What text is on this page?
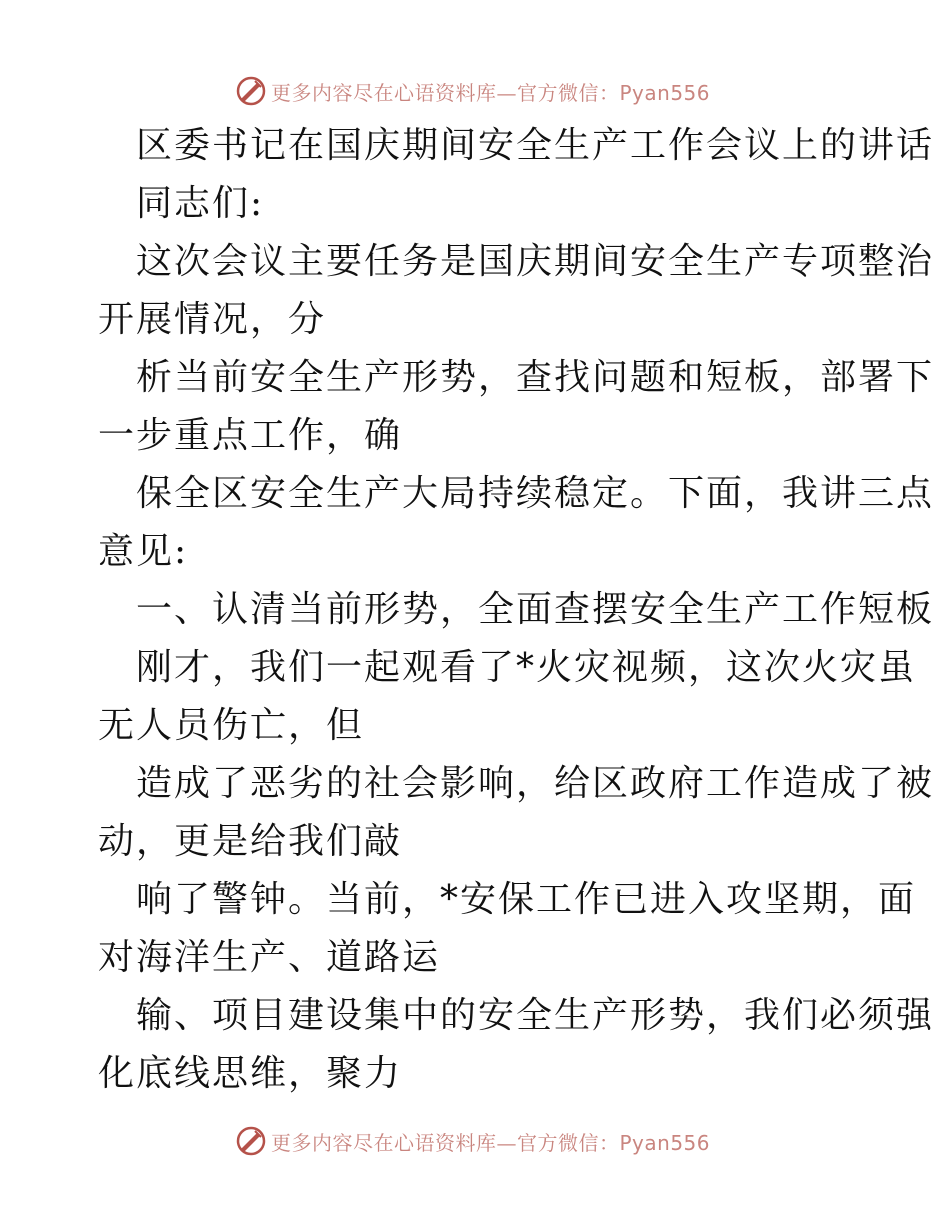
更多内容尽在心语资料库—官方微信：Pyan556
区委书记在国庆期间安全生产工作会议上的讲话
同志们:
这次会议主要任务是国庆期间安全生产专项整治
开展情况，分
析当前安全生产形势，查找问题和短板，部署下
一步重点工作，确
保全区安全生产大局持续稳定。下面，我讲三点
意见:
一、认清当前形势，全面查摆安全生产工作短板
刚才，我们一起观看了*火灾视频，这次火灾虽
无人员伤亡，但
造成了恶劣的社会影响，给区政府工作造成了被
动，更是给我们敲
响了警钟。当前，*安保工作已进入攻坚期，面
对海洋生产、道路运
输、项目建设集中的安全生产形势，我们必须强
化底线思维，聚力
更多内容尽在心语资料库—官方微信：Pyan556
